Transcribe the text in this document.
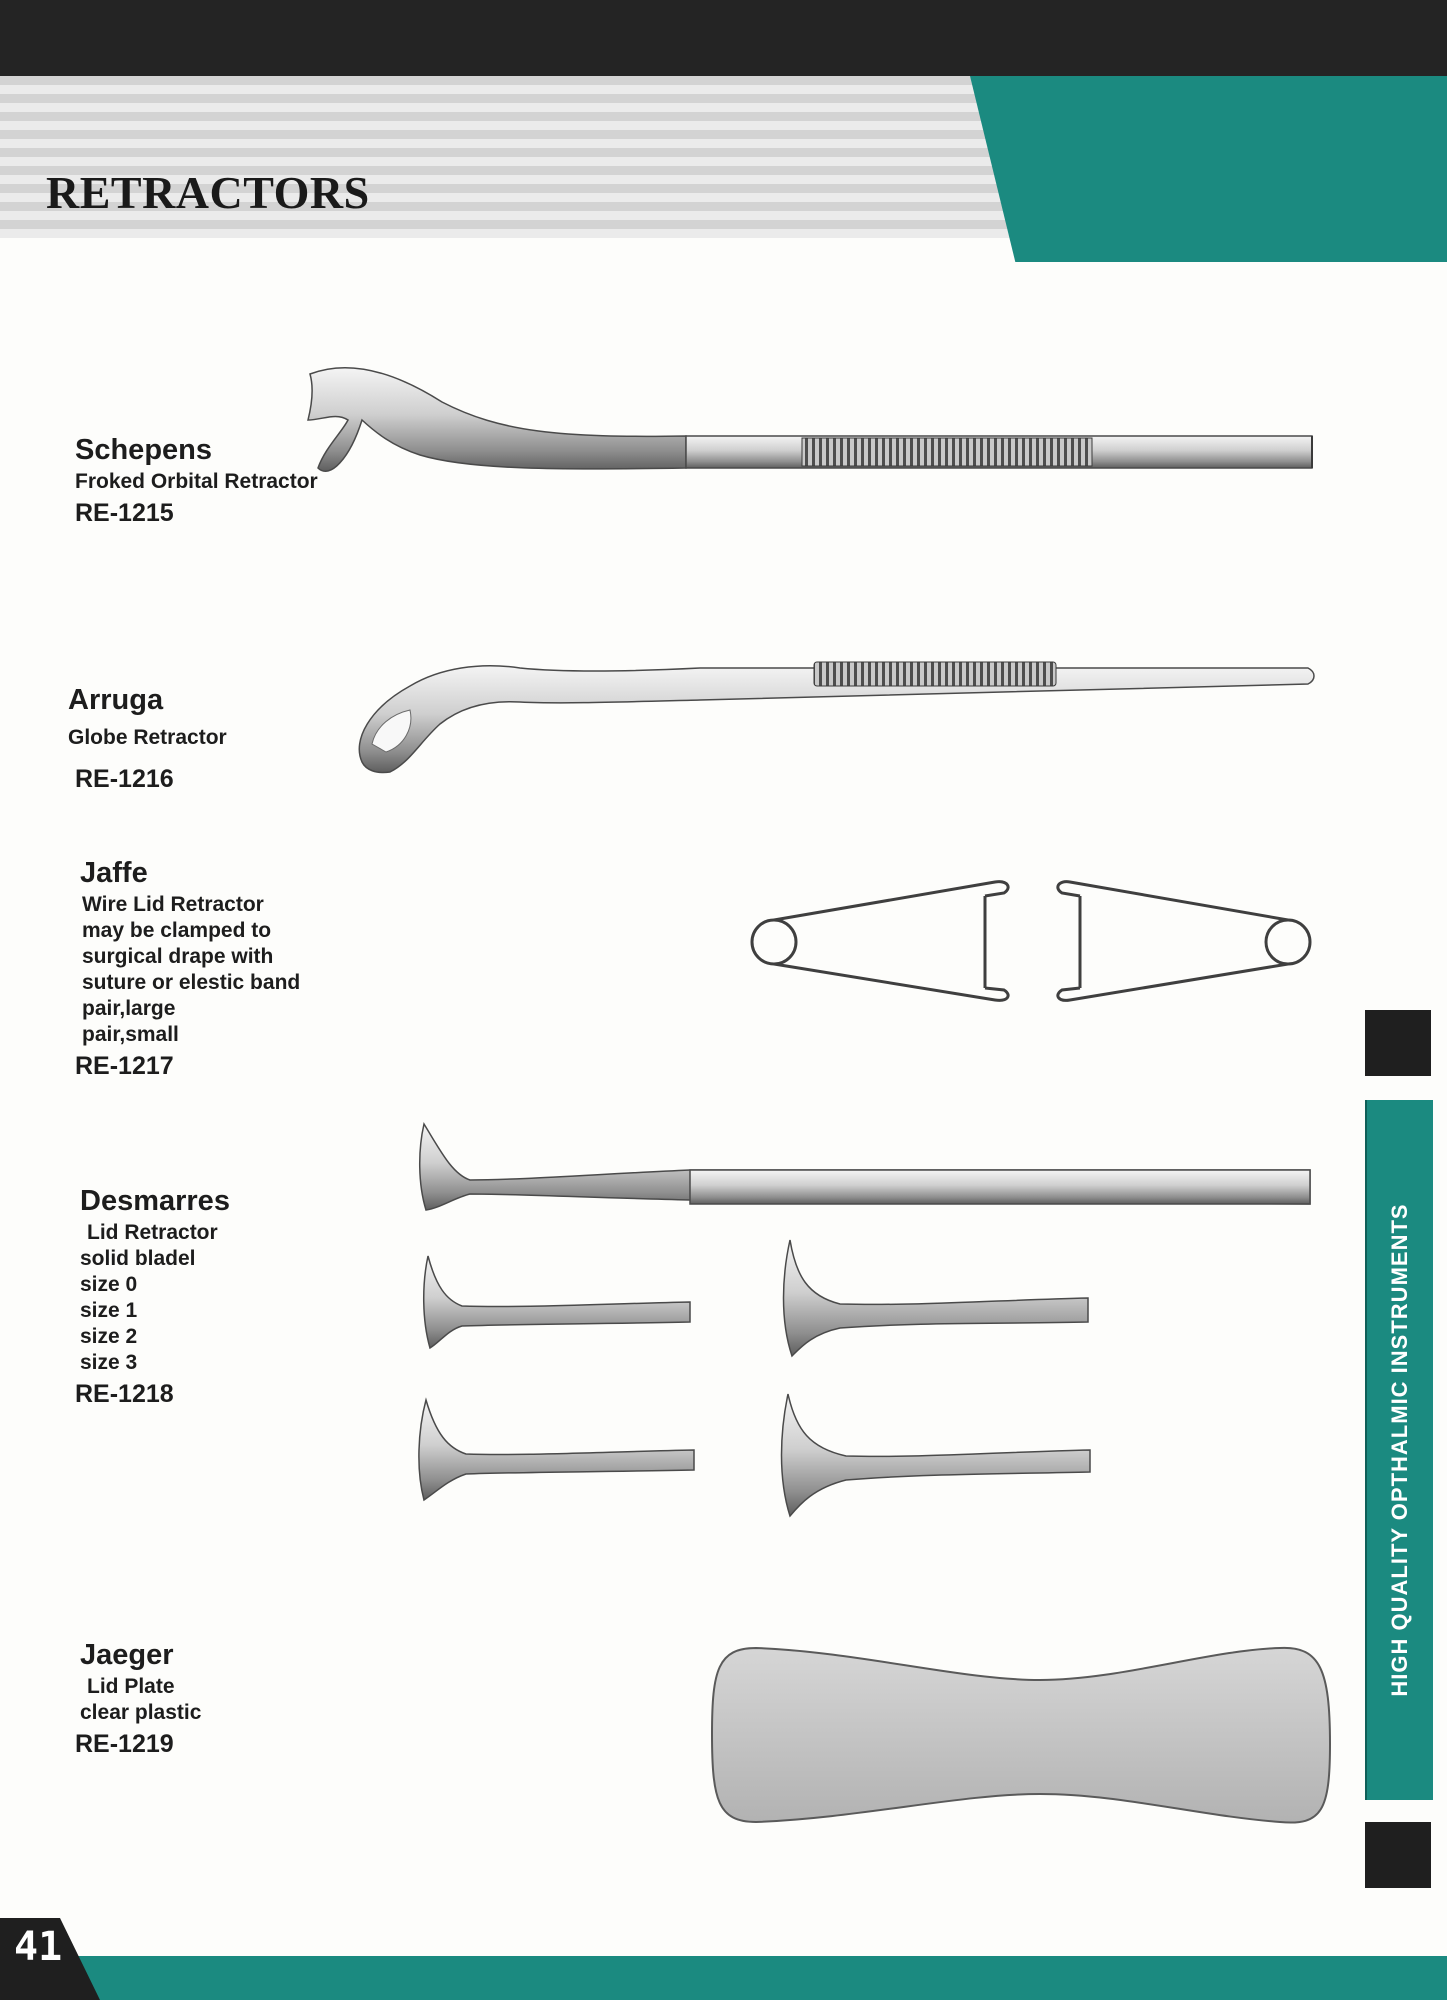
RETRACTORS
Schepens
Froked Orbital Retractor
RE-1215
Arruga
Globe Retractor
RE-1216
Jaffe
Wire Lid Retractor
may be clamped to
surgical drape with
suture or elestic band
pair,large
pair,small
RE-1217
Desmarres
Lid Retractor
solid bladel
size 0
size 1
size 2
size 3
RE-1218
Jaeger
Lid Plate
clear plastic
RE-1219
HIGH QUALITY OPTHALMIC INSTRUMENTS
41
